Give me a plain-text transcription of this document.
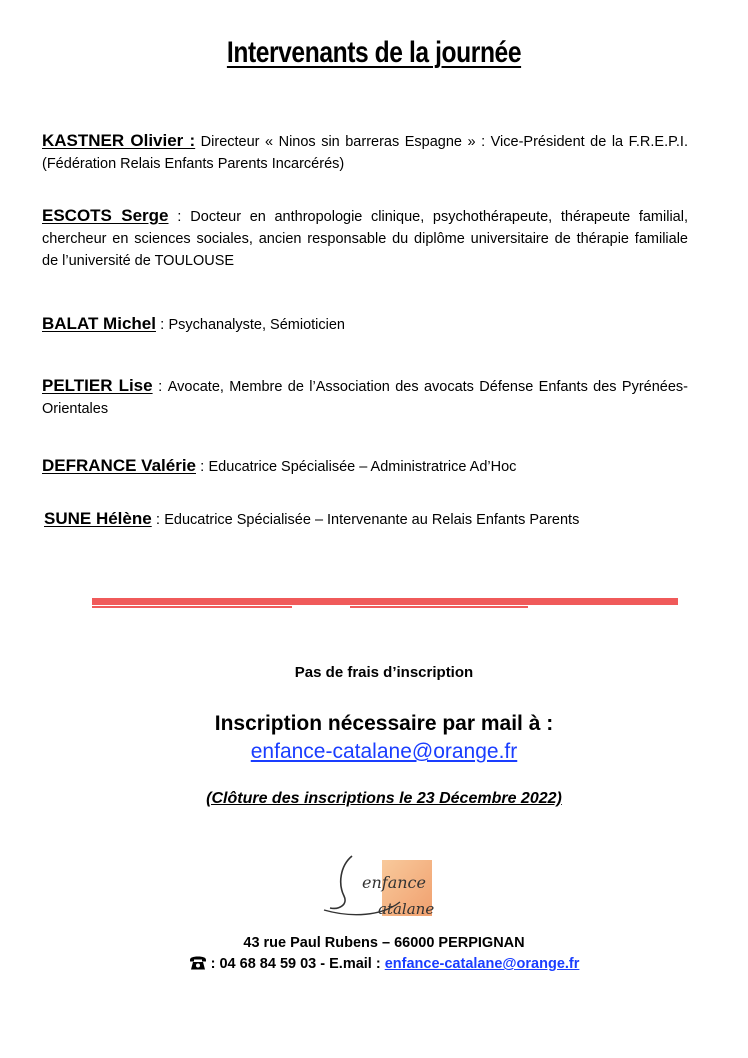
Intervenants de la journée
KASTNER Olivier : Directeur « Ninos sin barreras Espagne » : Vice-Président de la F.R.E.P.I. (Fédération Relais Enfants Parents Incarcérés)
ESCOTS Serge : Docteur en anthropologie clinique, psychothérapeute, thérapeute familial, chercheur en sciences sociales, ancien responsable du diplôme universitaire de thérapie familiale de l’université de TOULOUSE
BALAT Michel : Psychanalyste, Sémioticien
PELTIER Lise : Avocate, Membre de l’Association des avocats Défense Enfants des Pyrénées-Orientales
DEFRANCE Valérie : Educatrice Spécialisée – Administratrice Ad’Hoc
SUNE Hélène : Educatrice Spécialisée – Intervenante au Relais Enfants Parents
Pas de frais d’inscription
Inscription nécessaire par mail à :
enfance-catalane@orange.fr
(Clôture des inscriptions le 23 Décembre 2022)
enfance
atalane
43 rue Paul Rubens – 66000 PERPIGNAN
: 04 68 84 59 03 - E.mail : enfance-catalane@orange.fr
